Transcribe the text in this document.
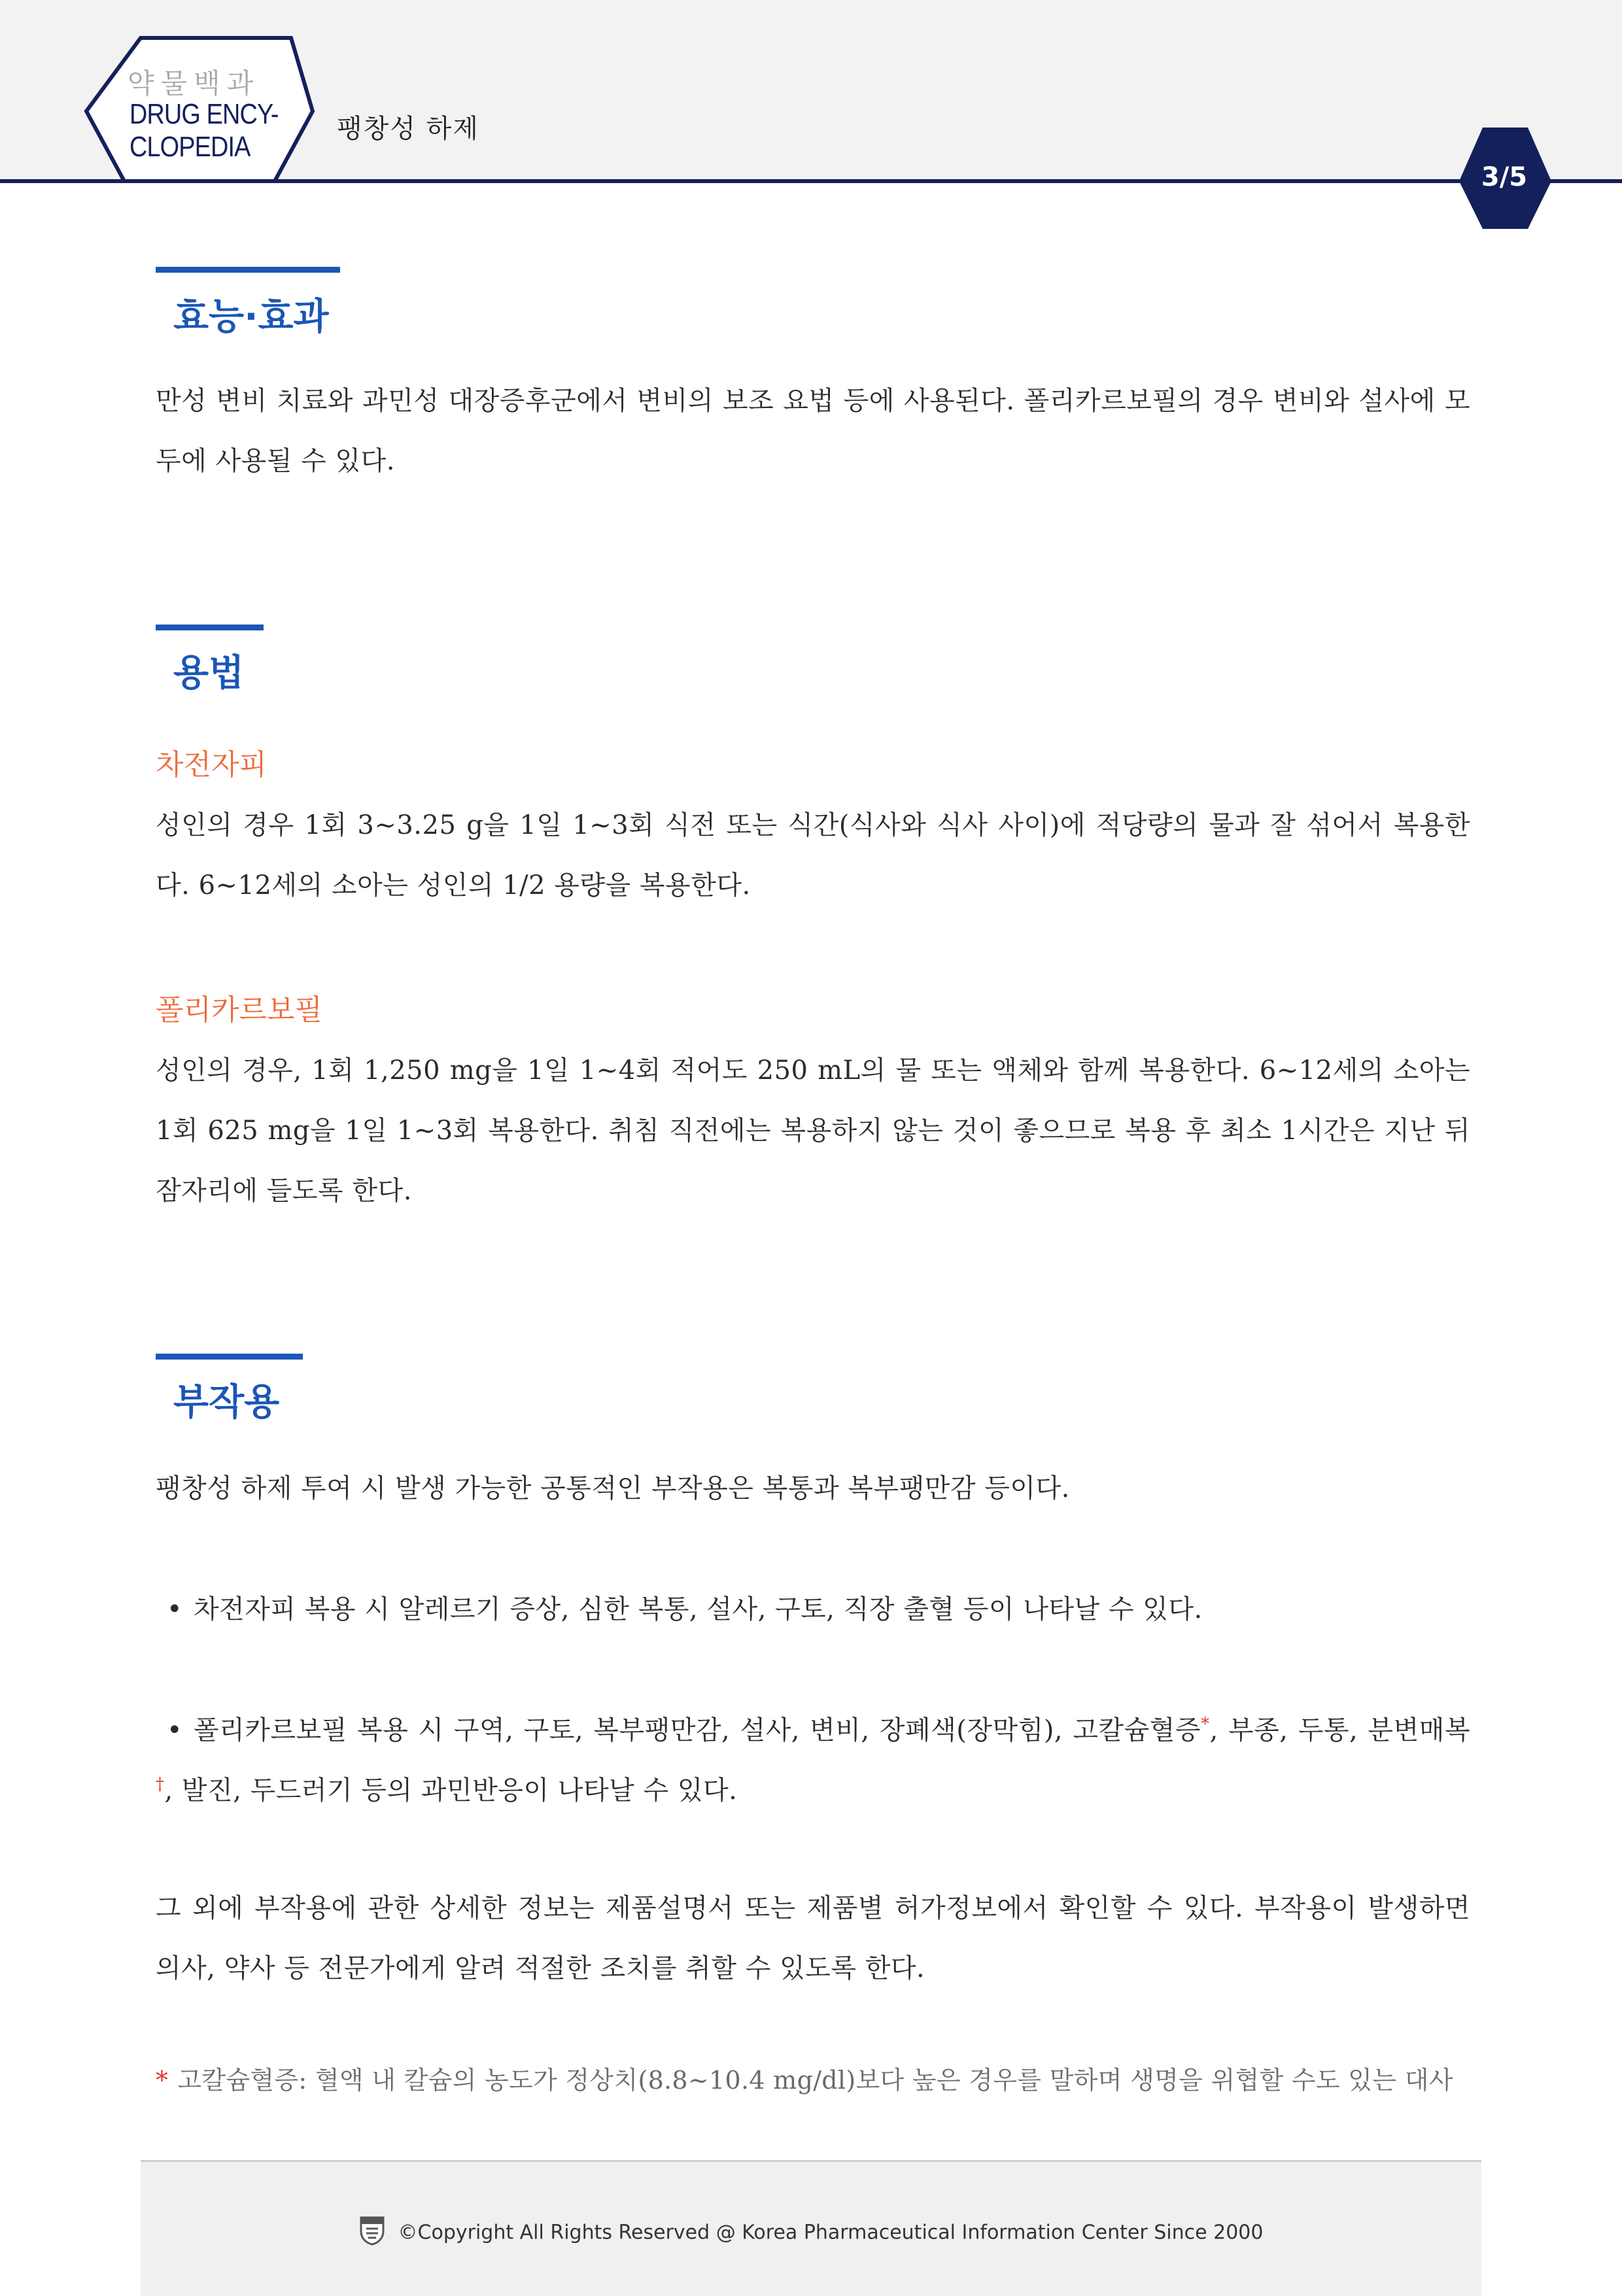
약물백과
DRUG ENCY-
CLOPEDIA
팽창성 하제
3/5
효능·효과
만성 변비 치료와 과민성 대장증후군에서 변비의 보조 요법 등에 사용된다. 폴리카르보필의 경우 변비와 설사에 모두에 사용될 수 있다.
용법
차전자피
성인의 경우 1회 3~3.25 g을 1일 1~3회 식전 또는 식간(식사와 식사 사이)에 적당량의 물과 잘 섞어서 복용한다. 6~12세의 소아는 성인의 1/2 용량을 복용한다.
폴리카르보필
성인의 경우, 1회 1,250 mg을 1일 1~4회 적어도 250 mL의 물 또는 액체와 함께 복용한다. 6~12세의 소아는 1회 625 mg을 1일 1~3회 복용한다. 취침 직전에는 복용하지 않는 것이 좋으므로 복용 후 최소 1시간은 지난 뒤 잠자리에 들도록 한다.
부작용
팽창성 하제 투여 시 발생 가능한 공통적인 부작용은 복통과 복부팽만감 등이다.
• 차전자피 복용 시 알레르기 증상, 심한 복통, 설사, 구토, 직장 출혈 등이 나타날 수 있다.
• 폴리카르보필 복용 시 구역, 구토, 복부팽만감, 설사, 변비, 장폐색(장막힘), 고칼슘혈증*, 부종, 두통, 분변매복†, 발진, 두드러기 등의 과민반응이 나타날 수 있다.
그 외에 부작용에 관한 상세한 정보는 제품설명서 또는 제품별 허가정보에서 확인할 수 있다. 부작용이 발생하면 의사, 약사 등 전문가에게 알려 적절한 조치를 취할 수 있도록 한다.
* 고칼슘혈증: 혈액 내 칼슘의 농도가 정상치(8.8~10.4 mg/dl)보다 높은 경우를 말하며 생명을 위협할 수도 있는 대사
©Copyright All Rights Reserved @ Korea Pharmaceutical Information Center Since 2000
